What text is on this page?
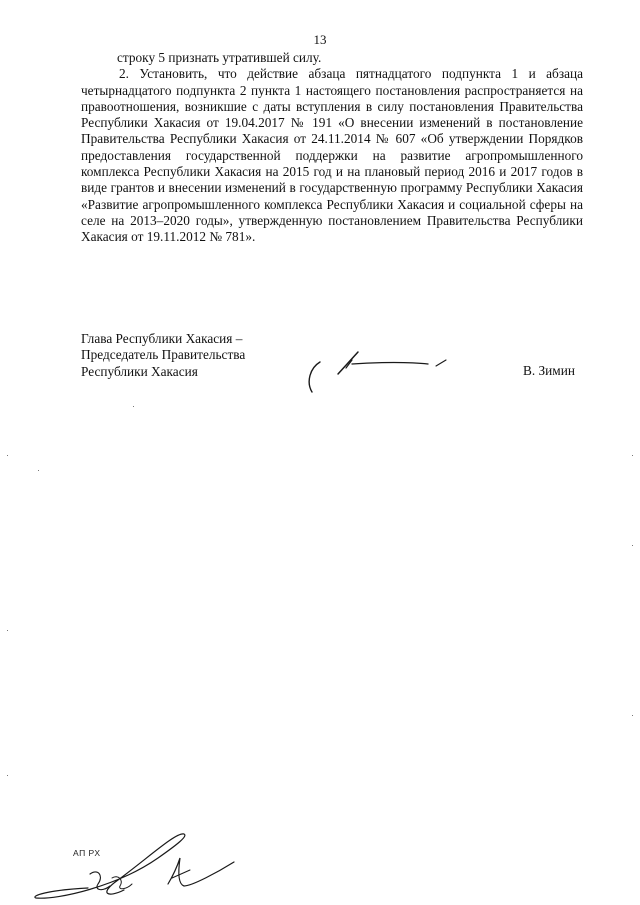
13

строку 5 признать утратившей силу.

2. Установить, что действие абзаца пятнадцатого подпункта 1 и абзаца четырнадцатого подпункта 2 пункта 1 настоящего постановления распространяется на правоотношения, возникшие с даты вступления в силу постановления Правительства Республики Хакасия от 19.04.2017 № 191 «О внесении изменений в постановление Правительства Республики Хакасия от 24.11.2014 № 607 «Об утверждении Порядков предоставления государственной поддержки на развитие агропромышленного комплекса Республики Хакасия на 2015 год и на плановый период 2016 и 2017 годов в виде грантов и внесении изменений в государственную программу Республики Хакасия «Развитие агропромышленного комплекса Республики Хакасия и социальной сферы на селе на 2013–2020 годы», утвержденную постановлением Правительства Республики Хакасия от 19.11.2012 № 781».

Глава Республики Хакасия –
Председатель Правительства
Республики Хакасия	В. Зимин
АП РХ
